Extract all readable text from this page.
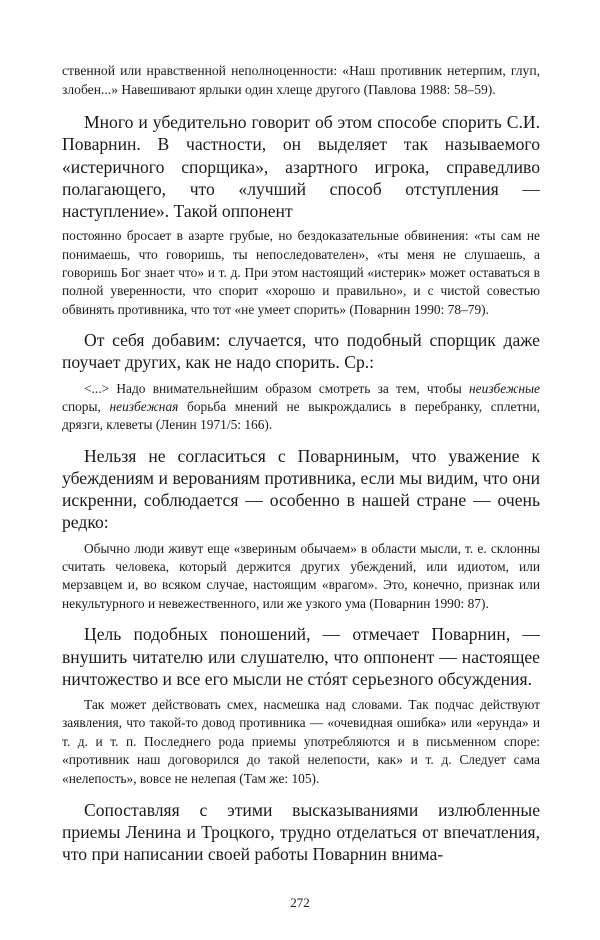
ственной или нравственной неполноценности: «Наш противник нетерпим, глуп, злобен...» Навешивают ярлыки один хлеще другого (Павлова 1988: 58–59).

Много и убедительно говорит об этом способе спорить С.И. Поварнин. В частности, он выделяет так называемого «истеричного спорщика», азартного игрока, справедливо полагающего, что «лучший способ отступления — наступление». Такой оппонент

постоянно бросает в азарте грубые, но бездоказательные обвинения: «ты сам не понимаешь, что говоришь, ты непоследователен», «ты меня не слушаешь, а говоришь Бог знает что» и т. д. При этом настоящий «истерик» может оставаться в полной уверенности, что спорит «хорошо и правильно», и с чистой совестью обвинять противника, что тот «не умеет спорить» (Поварнин 1990: 78–79).

От себя добавим: случается, что подобный спорщик даже поучает других, как не надо спорить. Ср.:

<...> Надо внимательнейшим образом смотреть за тем, чтобы неизбежные споры, неизбежная борьба мнений не выкрождались в перебранку, сплетни, дрязги, клеветы (Ленин 1971/5: 166).

Нельзя не согласиться с Поварниным, что уважение к убеждениям и верованиям противника, если мы видим, что они искренни, соблюдается — особенно в нашей стране — очень редко:

Обычно люди живут еще «звериным обычаем» в области мысли, т. е. склонны считать человека, который держится других убеждений, или идиотом, или мерзавцем и, во всяком случае, настоящим «врагом». Это, конечно, признак или некультурного и невежественного, или же узкого ума (Поварнин 1990: 87).

Цель подобных поношений, — отмечает Поварнин, — внушить читателю или слушателю, что оппонент — настоящее ничтожество и все его мысли не стóят серьезного обсуждения.

Так может действовать смех, насмешка над словами. Так подчас действуют заявления, что такой-то довод противника — «очевидная ошибка» или «ерунда» и т. д. и т. п. Последнего рода приемы употребляются и в письменном споре: «противник наш договорился до такой нелепости, как» и т. д. Следует сама «нелепость», вовсе не нелепая (Там же: 105).

Сопоставляя с этими высказываниями излюбленные приемы Ленина и Троцкого, трудно отделаться от впечатления, что при написании своей работы Поварнин внима-

272
